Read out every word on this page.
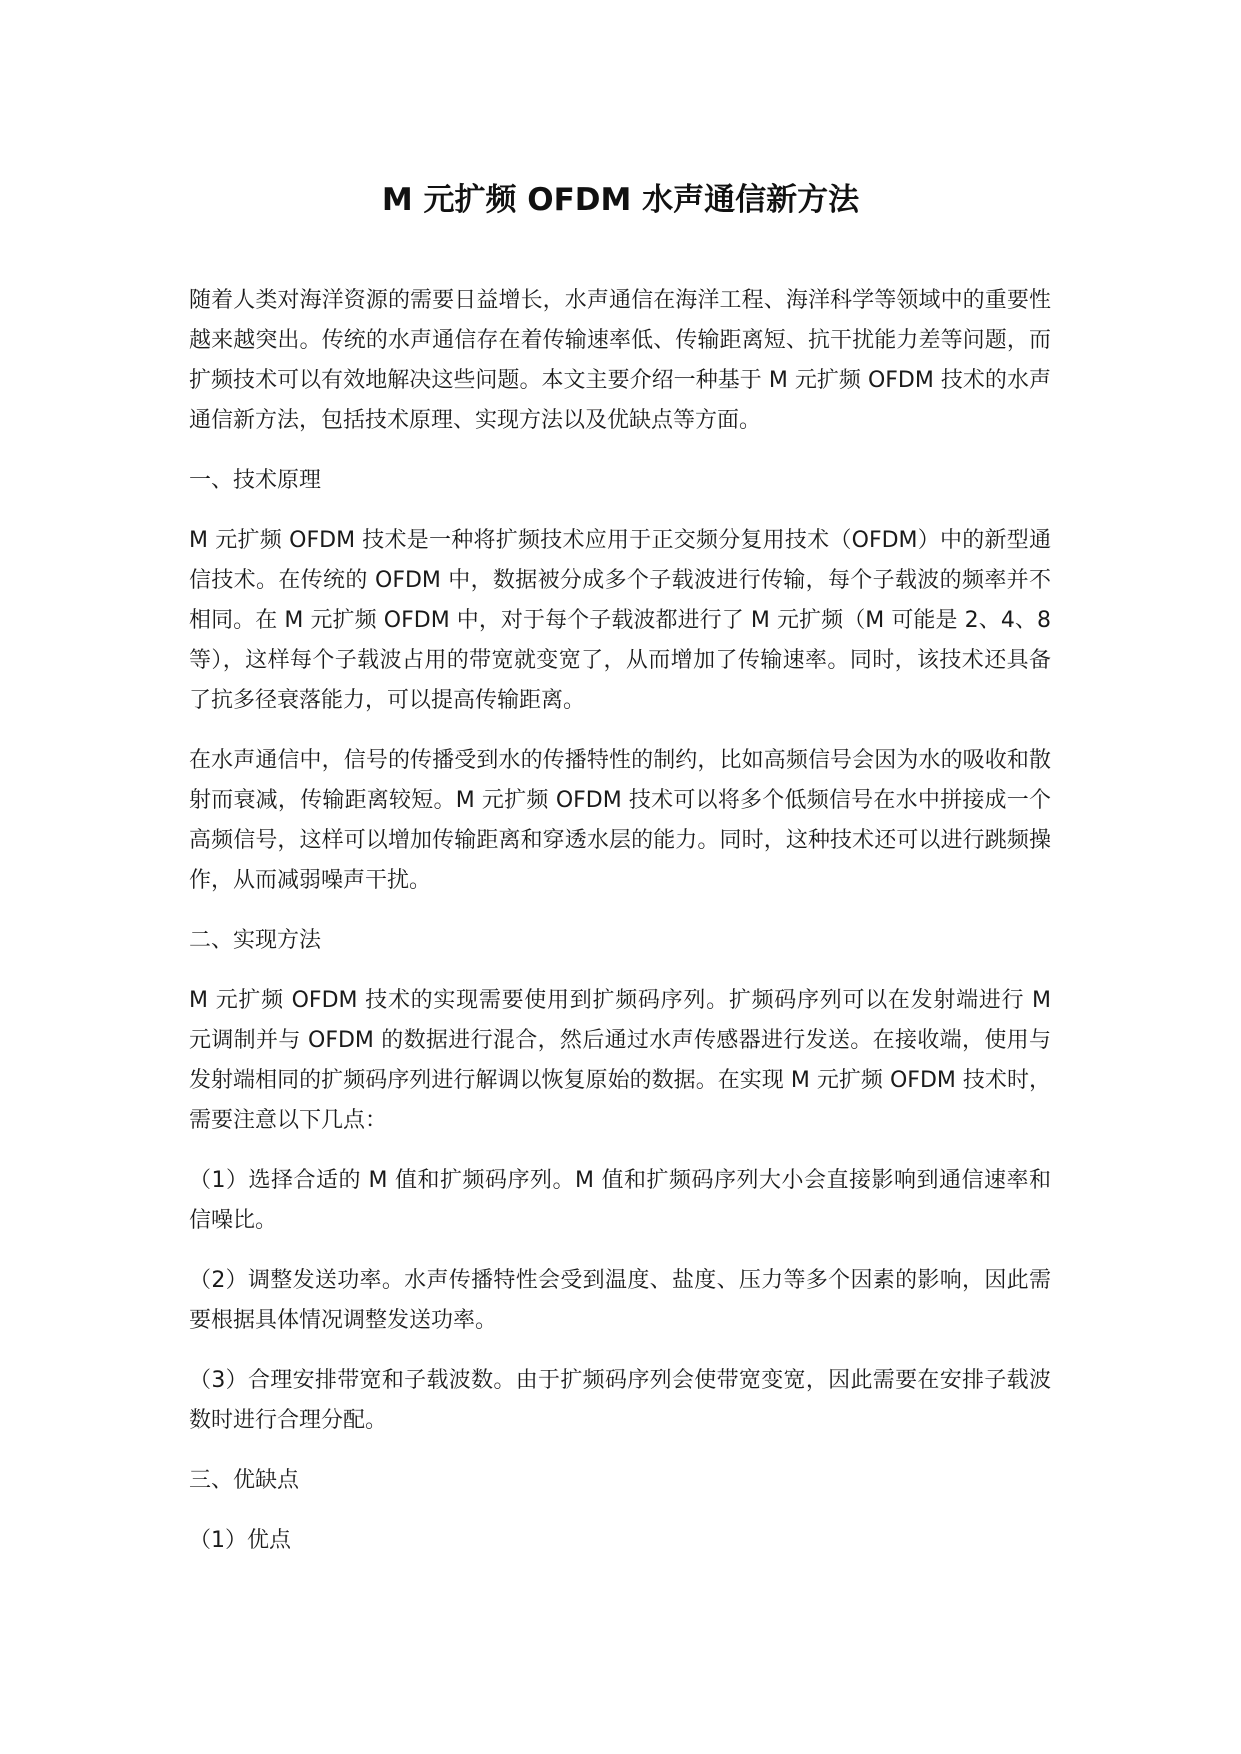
M 元扩频 OFDM 水声通信新方法

随着人类对海洋资源的需要日益增长，水声通信在海洋工程、海洋科学等领域中的重要性越来越突出。传统的水声通信存在着传输速率低、传输距离短、抗干扰能力差等问题，而扩频技术可以有效地解决这些问题。本文主要介绍一种基于 M 元扩频 OFDM 技术的水声通信新方法，包括技术原理、实现方法以及优缺点等方面。

一、技术原理

M 元扩频 OFDM 技术是一种将扩频技术应用于正交频分复用技术（OFDM）中的新型通信技术。在传统的 OFDM 中，数据被分成多个子载波进行传输，每个子载波的频率并不相同。在 M 元扩频 OFDM 中，对于每个子载波都进行了 M 元扩频（M 可能是 2、4、8 等），这样每个子载波占用的带宽就变宽了，从而增加了传输速率。同时，该技术还具备了抗多径衰落能力，可以提高传输距离。

在水声通信中，信号的传播受到水的传播特性的制约，比如高频信号会因为水的吸收和散射而衰减，传输距离较短。M 元扩频 OFDM 技术可以将多个低频信号在水中拼接成一个高频信号，这样可以增加传输距离和穿透水层的能力。同时，这种技术还可以进行跳频操作，从而减弱噪声干扰。

二、实现方法

M 元扩频 OFDM 技术的实现需要使用到扩频码序列。扩频码序列可以在发射端进行 M 元调制并与 OFDM 的数据进行混合，然后通过水声传感器进行发送。在接收端，使用与发射端相同的扩频码序列进行解调以恢复原始的数据。在实现 M 元扩频 OFDM 技术时，需要注意以下几点：

（1）选择合适的 M 值和扩频码序列。M 值和扩频码序列大小会直接影响到通信速率和信噪比。

（2）调整发送功率。水声传播特性会受到温度、盐度、压力等多个因素的影响，因此需要根据具体情况调整发送功率。

（3）合理安排带宽和子载波数。由于扩频码序列会使带宽变宽，因此需要在安排子载波数时进行合理分配。

三、优缺点

（1）优点
